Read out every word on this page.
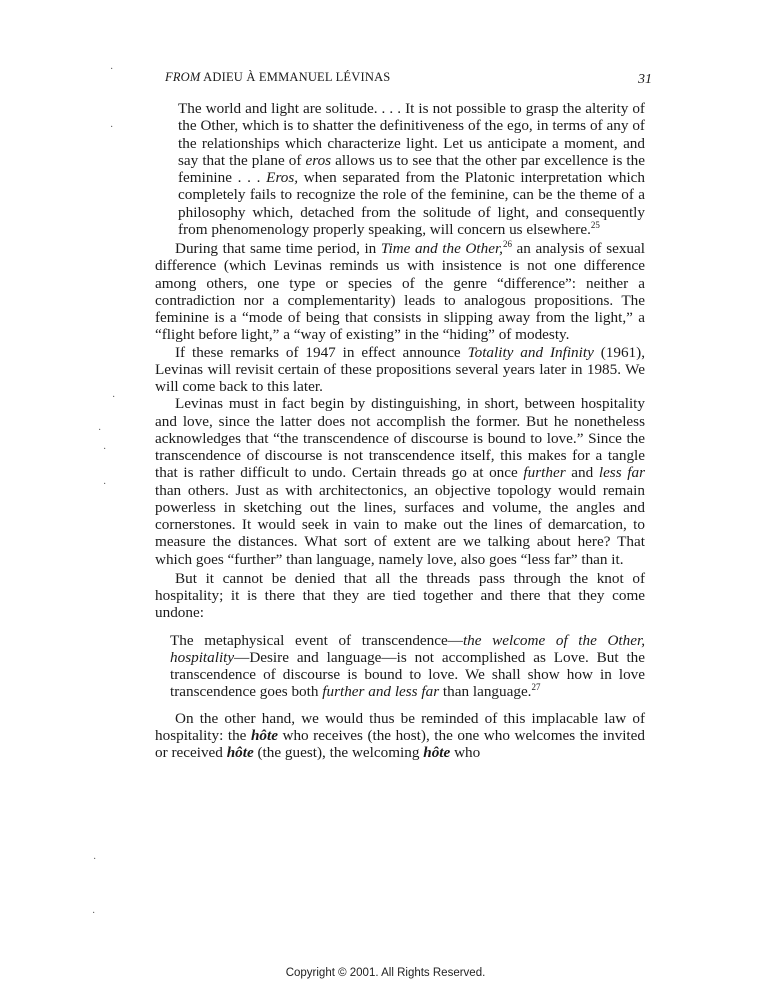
FROM ADIEU À EMMANUEL LÉVINAS	31

The world and light are solitude. . . . It is not possible to grasp the alterity of the Other, which is to shatter the definitiveness of the ego, in terms of any of the relationships which characterize light. Let us anticipate a moment, and say that the plane of eros allows us to see that the other par excellence is the feminine . . . Eros, when separated from the Platonic interpretation which completely fails to recognize the role of the feminine, can be the theme of a philosophy which, detached from the solitude of light, and consequently from phenomenology properly speaking, will concern us elsewhere.$^{25}$

During that same time period, in Time and the Other,$^{26}$ an analysis of sexual difference (which Levinas reminds us with insistence is not one difference among others, one type or species of the genre “difference”: neither a contradiction nor a complementarity) leads to analogous propositions. The feminine is a “mode of being that consists in slipping away from the light,” a “flight before light,” a “way of existing” in the “hiding” of modesty.

If these remarks of 1947 in effect announce Totality and Infinity (1961), Levinas will revisit certain of these propositions several years later in 1985. We will come back to this later.

Levinas must in fact begin by distinguishing, in short, between hospitality and love, since the latter does not accomplish the former. But he nonetheless acknowledges that “the transcendence of discourse is bound to love.” Since the transcendence of discourse is not transcendence itself, this makes for a tangle that is rather difficult to undo. Certain threads go at once further and less far than others. Just as with architectonics, an objective topology would remain powerless in sketching out the lines, surfaces and volume, the angles and cornerstones. It would seek in vain to make out the lines of demarcation, to measure the distances. What sort of extent are we talking about here? That which goes “further” than language, namely love, also goes “less far” than it.

But it cannot be denied that all the threads pass through the knot of hospitality; it is there that they are tied together and there that they come undone:

The metaphysical event of transcendence—the welcome of the Other, hospitality—Desire and language—is not accomplished as Love. But the transcendence of discourse is bound to love. We shall show how in love transcendence goes both further and less far than language.$^{27}$

On the other hand, we would thus be reminded of this implacable law of hospitality: the hôte who receives (the host), the one who welcomes the invited or received hôte (the guest), the welcoming hôte who

Copyright © 2001. All Rights Reserved.
·
·
·
·
·
·
·
·
